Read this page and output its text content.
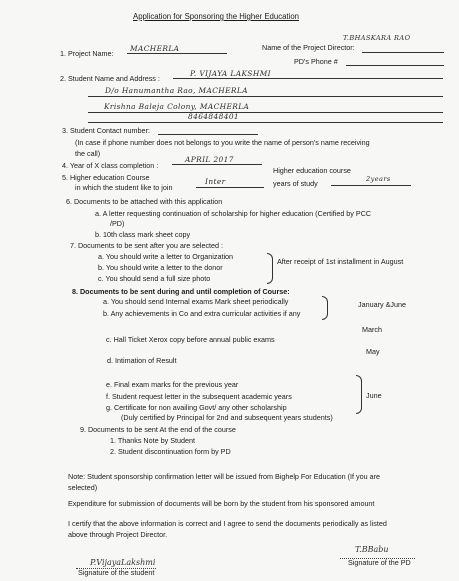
Application for Sponsoring the Higher Education
1. Project Name:
MACHERLA	Name of the Project Director:
T.BHASKARA RAO
PD's Phone #
2. Student Name and Address :
P. VIJAYA LAKSHMI
D/o Hanumantha Rao, MACHERLA
Krishna Baleja Colony, MACHERLA
8464848401
3. Student Contact number:
(In case if phone number does not belongs to you write the name of person's name receiving
the call)
4. Year of X class completion :
APRIL 2017
5. Higher education Course
in which the student like to join
Inter
Higher education course
years of study	2years
6. Documents to be attached with this application
a. A letter requesting continuation of scholarship for higher education (Certified by PCC
/PD)
b. 10th class mark sheet copy
7. Documents to be sent after you are selected :
a. You should write a letter to Organization
b. You should write a letter to the donor
c. You should send a full size photo
After receipt of 1st installment in August
8. Documents to be sent during and until completion of Course:
a. You should send Internal exams Mark sheet periodically
b. Any achievements in Co and extra curricular activities if any
January &June
March
c. Hall Ticket Xerox copy before annual public exams
May
d. Intimation of Result
e. Final exam marks for the previous year
f. Student request letter in the subsequent academic years
g. Certificate for non availing Govt/ any other scholarship
(Duly certified by Principal for 2nd and subsequent years students)
June
9. Documents to be sent At the end of the course
1. Thanks Note by Student
2. Student discontinuation form by PD
Note: Student sponsorship confirmation letter will be issued from Bighelp For Education (If you are
selected)
Expenditure for submission of documents will be born by the student from his sponsored amount
I certify that the above information is correct and I agree to send the documents periodically as listed
above through Project Director.
P.VijayaLakshmi
Signature of the student
T.BBabu
Signature of the PD
